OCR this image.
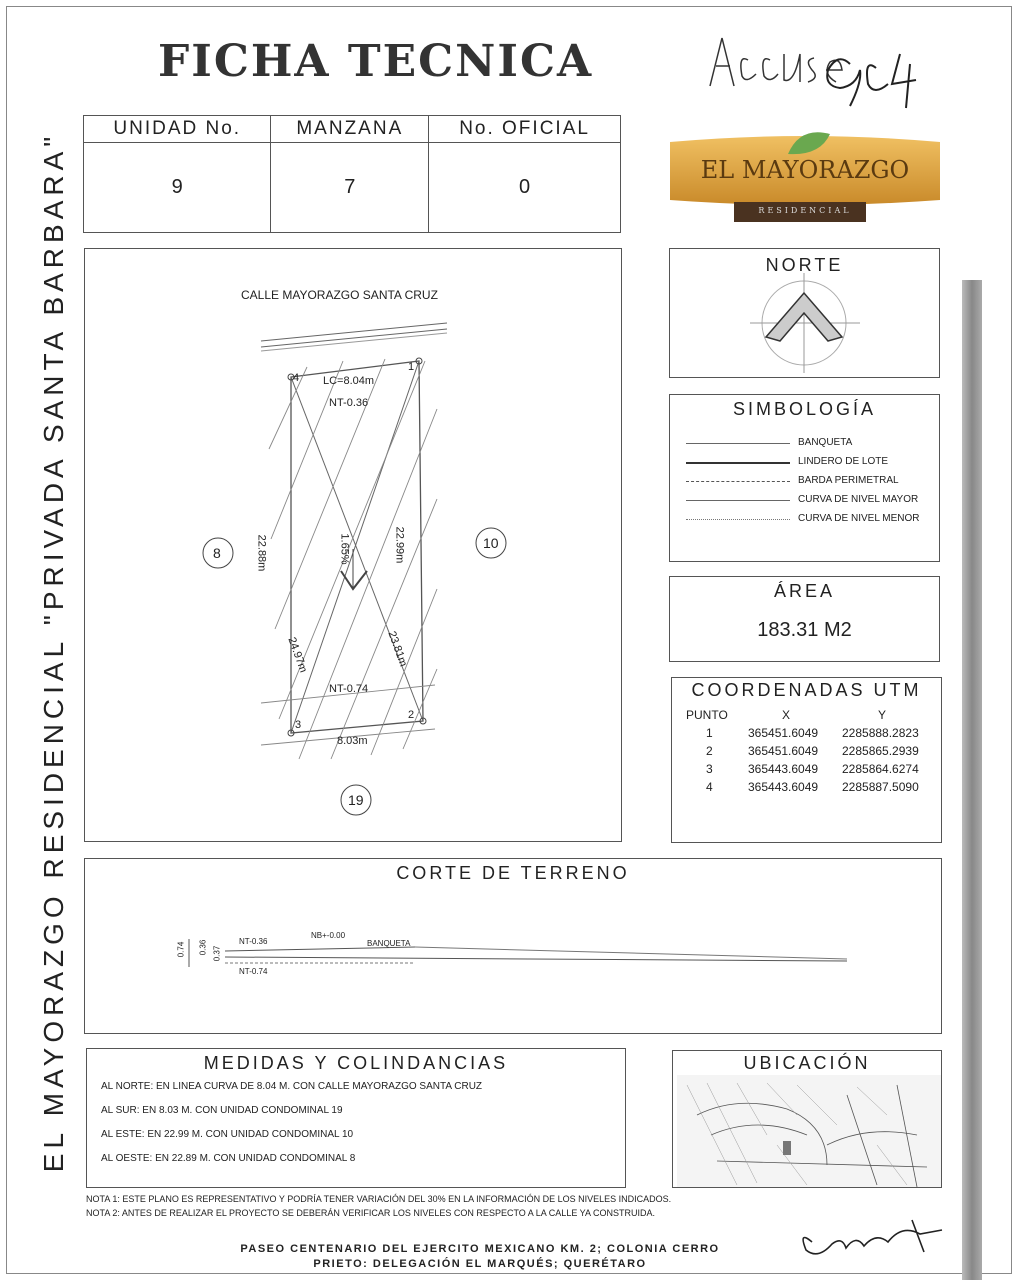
EL MAYORAZGO RESIDENCIAL "PRIVADA SANTA BARBARA"
FICHA TECNICA
UNIDAD No.	MANZANA	No. OFICIAL
9	7	0
EL MAYORAZGO
RESIDENCIAL
CALLE MAYORAZGO SANTA CRUZ
4
1
2
3
LC=8.04m
NT-0.36
NT-0.74
8.03m
22.88m	22.99m
1.65%
24.97m	23.81m
8
10
19
NORTE
SIMBOLOGÍA
BANQUETA
LINDERO DE LOTE
BARDA PERIMETRAL
CURVA DE NIVEL MAYOR
CURVA DE NIVEL MENOR
ÁREA
183.31 M2
COORDENADAS UTM
PUNTO	X	Y
1	365451.6049 2285888.2823
2	365451.6049 2285865.2939
3	365443.6049 2285864.6274
4	365443.6049 2285887.5090
CORTE DE TERRENO
0.74 0.36 0.37
NT-0.36
NB+-0.00
BANQUETA
NT-0.74
MEDIDAS Y COLINDANCIAS
AL NORTE: EN LINEA CURVA DE 8.04 M. CON CALLE MAYORAZGO SANTA CRUZ
AL SUR: EN 8.03 M. CON UNIDAD CONDOMINAL 19
AL ESTE: EN 22.99 M. CON UNIDAD CONDOMINAL 10
AL OESTE: EN 22.89 M. CON UNIDAD CONDOMINAL 8
UBICACIÓN
NOTA 1: ESTE PLANO ES REPRESENTATIVO Y PODRÍA TENER VARIACIÓN DEL 30% EN LA INFORMACIÓN DE LOS NIVELES INDICADOS.
NOTA 2: ANTES DE REALIZAR EL PROYECTO SE DEBERÁN VERIFICAR LOS NIVELES CON RESPECTO A LA CALLE YA CONSTRUIDA.
PASEO CENTENARIO DEL EJERCITO MEXICANO KM. 2; COLONIA CERRO
PRIETO: DELEGACIÓN EL MARQUÉS; QUERÉTARO
